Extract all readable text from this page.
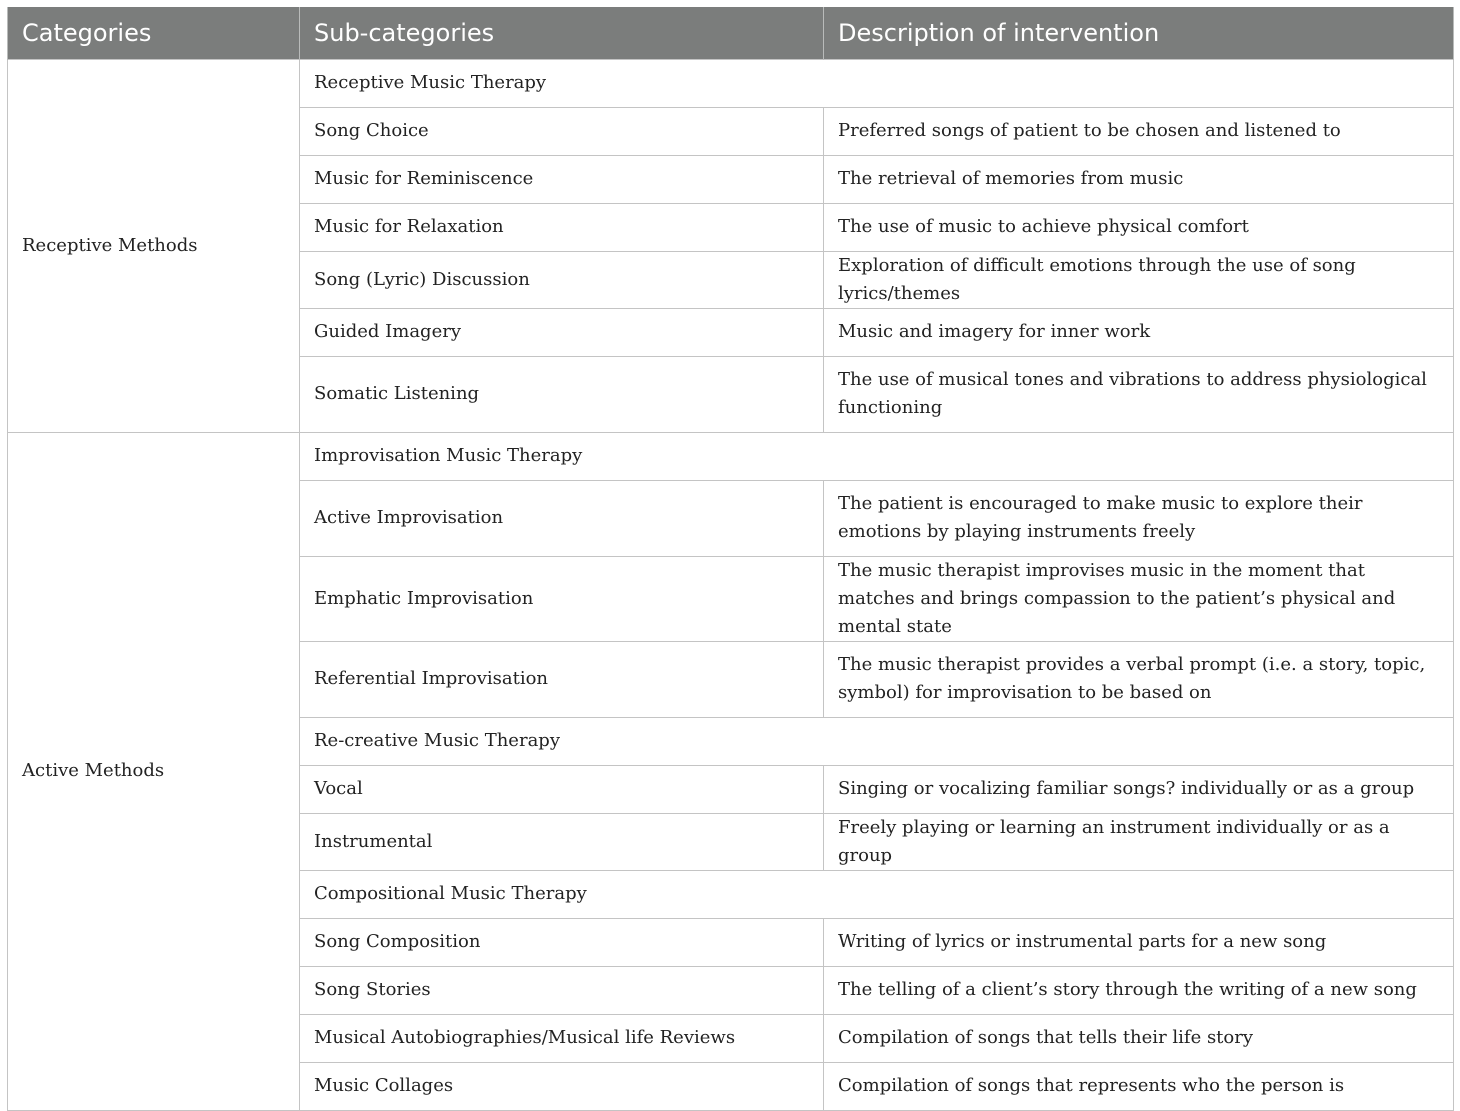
Categories	Sub-categories	Description of intervention
Receptive Methods	Receptive Music Therapy	
	Song Choice	Preferred songs of patient to be chosen and listened to
	Music for Reminiscence	The retrieval of memories from music
	Music for Relaxation	The use of music to achieve physical comfort
	Song (Lyric) Discussion	Exploration of difficult emotions through the use of song lyrics/themes
	Guided Imagery	Music and imagery for inner work
	Somatic Listening	The use of musical tones and vibrations to address physiological functioning
Active Methods	Improvisation Music Therapy	
	Active Improvisation	The patient is encouraged to make music to explore their emotions by playing instruments freely
	Emphatic Improvisation	The music therapist improvises music in the moment that matches and brings compassion to the patient’s physical and mental state
	Referential Improvisation	The music therapist provides a verbal prompt (i.e. a story, topic, symbol) for improvisation to be based on
	Re-creative Music Therapy	
	Vocal	Singing or vocalizing familiar songs? individually or as a group
	Instrumental	Freely playing or learning an instrument individually or as a group
	Compositional Music Therapy	
	Song Composition	Writing of lyrics or instrumental parts for a new song
	Song Stories	The telling of a client’s story through the writing of a new song
	Musical Autobiographies/Musical life Reviews	Compilation of songs that tells their life story
	Music Collages	Compilation of songs that represents who the person is
